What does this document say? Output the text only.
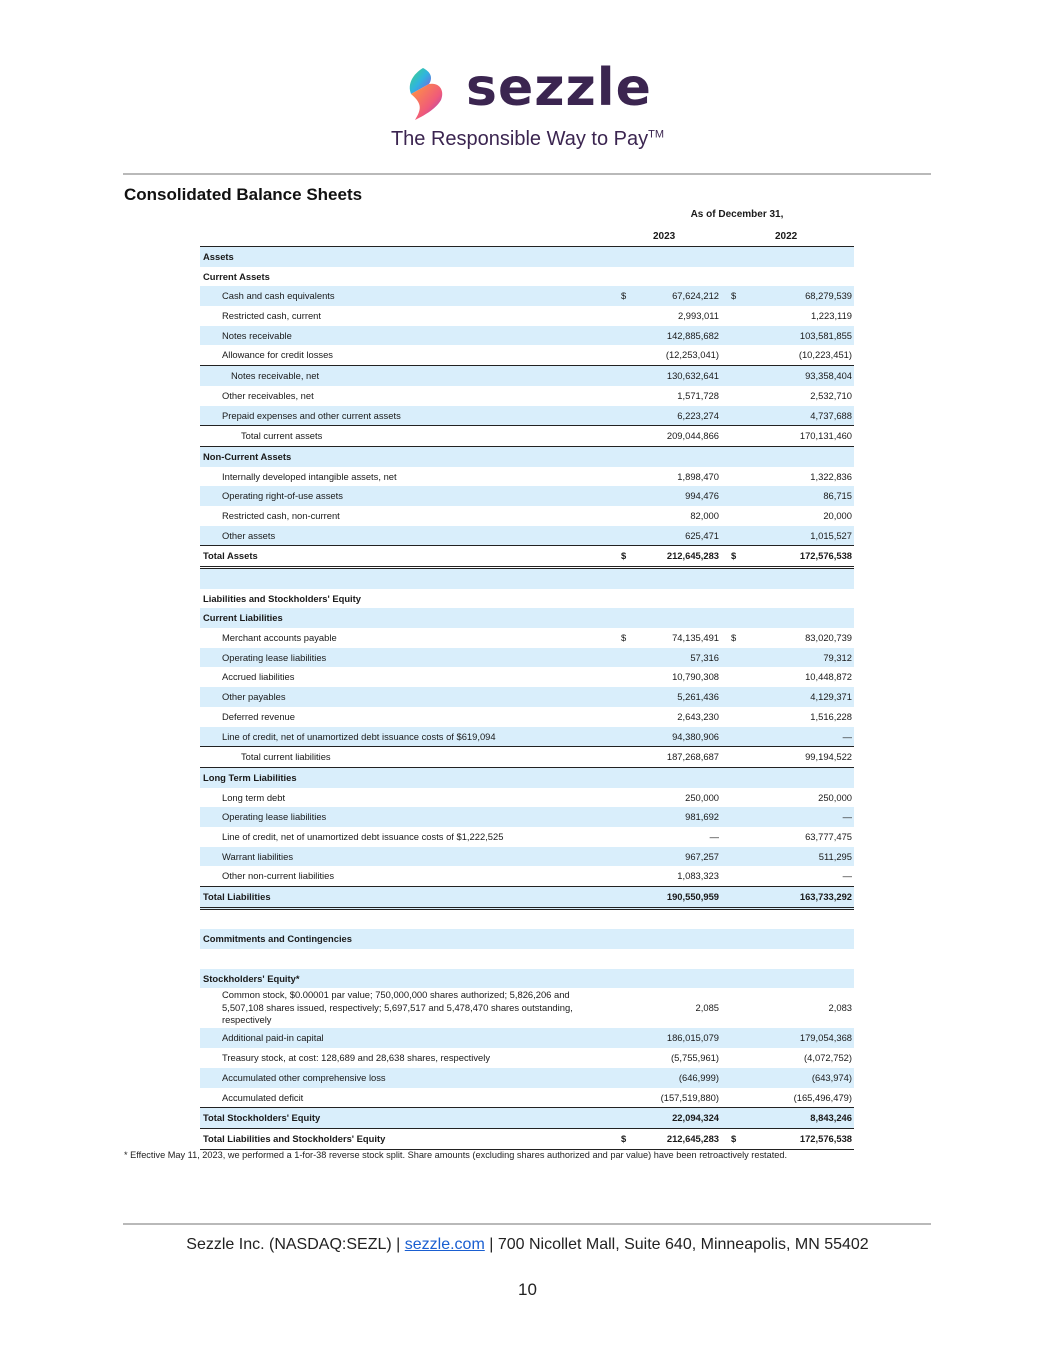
sezzle
The Responsible Way to Pay™
Consolidated Balance Sheets
As of December 31,
2023	2022
Assets
Current Assets
Cash and cash equivalents	$	67,624,212 $	68,279,539
Restricted cash, current	2,993,011	1,223,119
Notes receivable	142,885,682	103,581,855
Allowance for credit losses	(12,253,041)	(10,223,451)
Notes receivable, net	130,632,641	93,358,404
Other receivables, net	1,571,728	2,532,710
Prepaid expenses and other current assets	6,223,274	4,737,688
Total current assets	209,044,866	170,131,460
Non-Current Assets
Internally developed intangible assets, net	1,898,470	1,322,836
Operating right-of-use assets	994,476	86,715
Restricted cash, non-current	82,000	20,000
Other assets	625,471	1,015,527
Total Assets	$	212,645,283 $	172,576,538
Liabilities and Stockholders' Equity
Current Liabilities
Merchant accounts payable	$	74,135,491 $	83,020,739
Operating lease liabilities	57,316	79,312
Accrued liabilities	10,790,308	10,448,872
Other payables	5,261,436	4,129,371
Deferred revenue	2,643,230	1,516,228
Line of credit, net of unamortized debt issuance costs of $619,094	94,380,906	—
Total current liabilities	187,268,687	99,194,522
Long Term Liabilities
Long term debt	250,000	250,000
Operating lease liabilities	981,692	—
Line of credit, net of unamortized debt issuance costs of $1,222,525	—	63,777,475
Warrant liabilities	967,257	511,295
Other non-current liabilities	1,083,323	—
Total Liabilities	190,550,959	163,733,292
Commitments and Contingencies
Stockholders' Equity*
Common stock, $0.00001 par value; 750,000,000 shares authorized; 5,826,206 and 5,507,108 shares issued, respectively; 5,697,517 and 5,478,470 shares outstanding, respectively
2,085	2,083
Additional paid-in capital	186,015,079	179,054,368
Treasury stock, at cost: 128,689 and 28,638 shares, respectively	(5,755,961)	(4,072,752)
Accumulated other comprehensive loss	(646,999)	(643,974)
Accumulated deficit	(157,519,880)	(165,496,479)
Total Stockholders' Equity	22,094,324	8,843,246
Total Liabilities and Stockholders' Equity	$	212,645,283 $	172,576,538
* Effective May 11, 2023, we performed a 1-for-38 reverse stock split. Share amounts (excluding shares authorized and par value) have been retroactively restated.
Sezzle Inc. (NASDAQ:SEZL) | sezzle.com | 700 Nicollet Mall, Suite 640, Minneapolis, MN 55402
10
